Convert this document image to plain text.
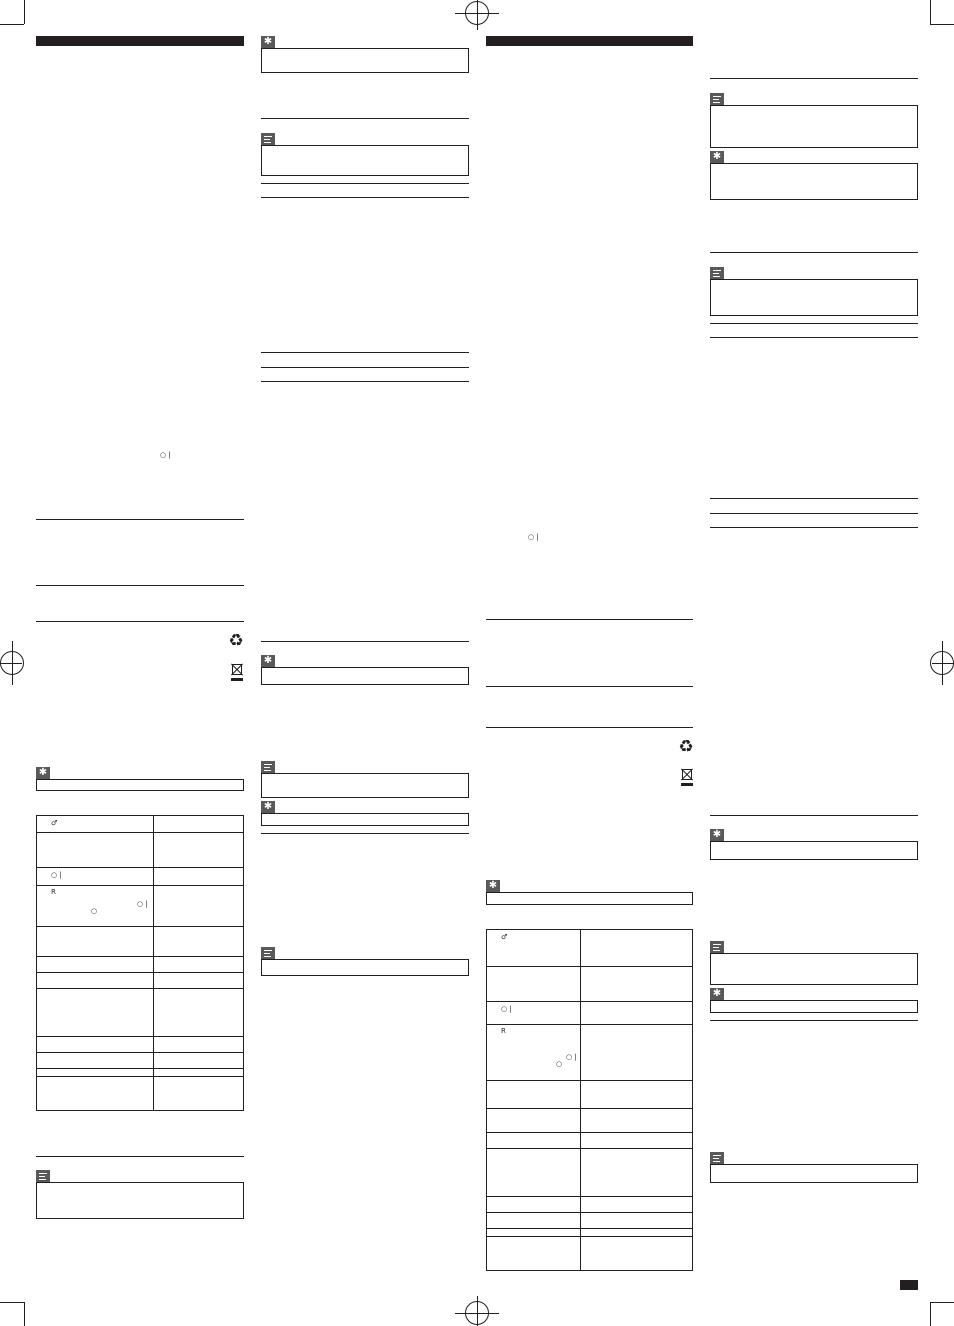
○ |
♻
✱
♂
○ |
R
○ |
○
✱
✱
✱
○ |
♻
✱
♂
○ |
R
○ |
○
✱
✱
✱
